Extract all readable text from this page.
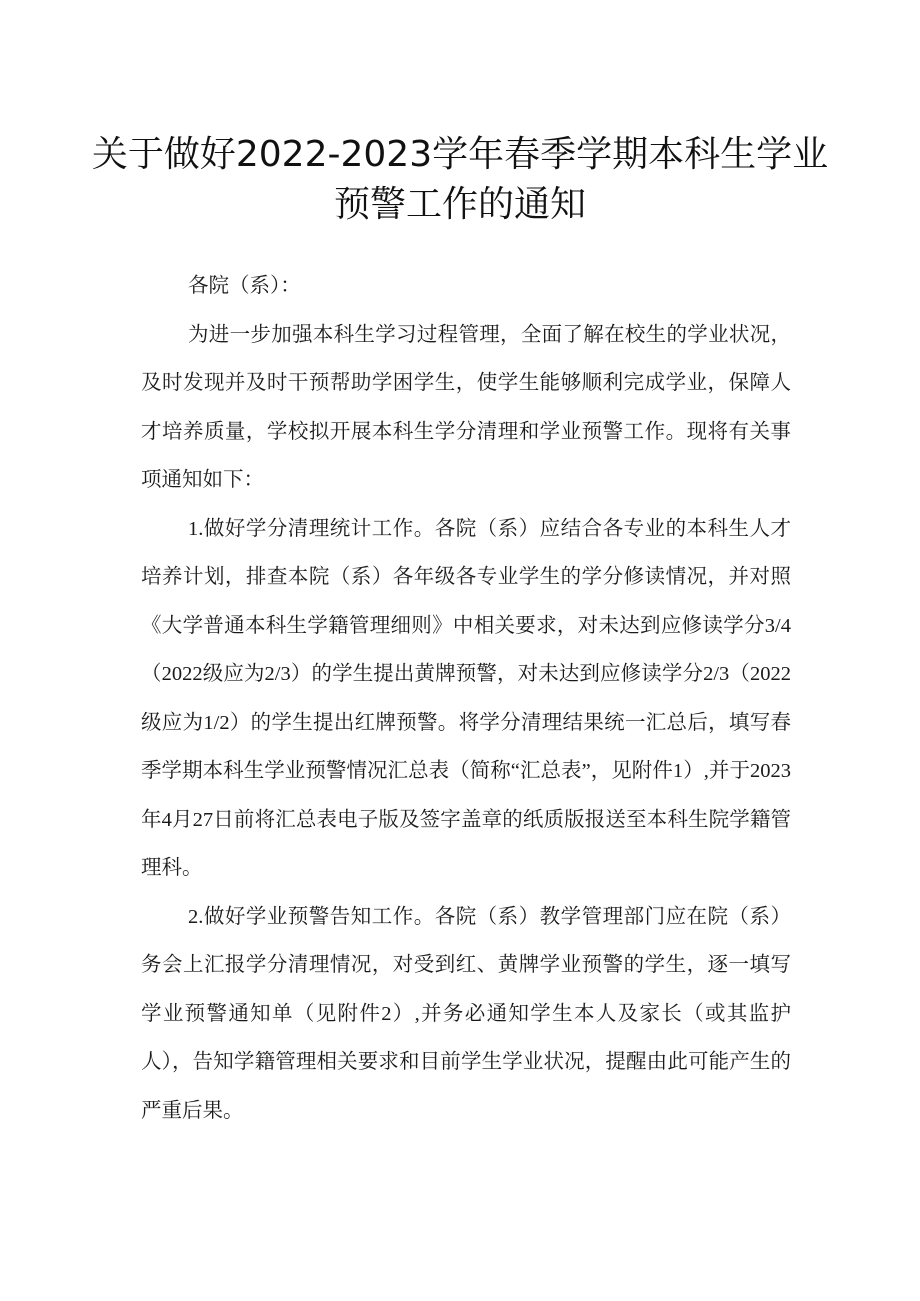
关于做好2022-2023学年春季学期本科生学业预警工作的通知

各院（系）：

为进一步加强本科生学习过程管理，全面了解在校生的学业状况，及时发现并及时干预帮助学困学生，使学生能够顺利完成学业，保障人才培养质量，学校拟开展本科生学分清理和学业预警工作。现将有关事项通知如下：

1.做好学分清理统计工作。各院（系）应结合各专业的本科生人才培养计划，排查本院（系）各年级各专业学生的学分修读情况，并对照《大学普通本科生学籍管理细则》中相关要求，对未达到应修读学分3/4（2022级应为2/3）的学生提出黄牌预警，对未达到应修读学分2/3（2022级应为1/2）的学生提出红牌预警。将学分清理结果统一汇总后，填写春季学期本科生学业预警情况汇总表（简称“汇总表”，见附件1）,并于2023年4月27日前将汇总表电子版及签字盖章的纸质版报送至本科生院学籍管理科。

2.做好学业预警告知工作。各院（系）教学管理部门应在院（系）务会上汇报学分清理情况，对受到红、黄牌学业预警的学生，逐一填写学业预警通知单（见附件2）,并务必通知学生本人及家长（或其监护人），告知学籍管理相关要求和目前学生学业状况，提醒由此可能产生的严重后果。
